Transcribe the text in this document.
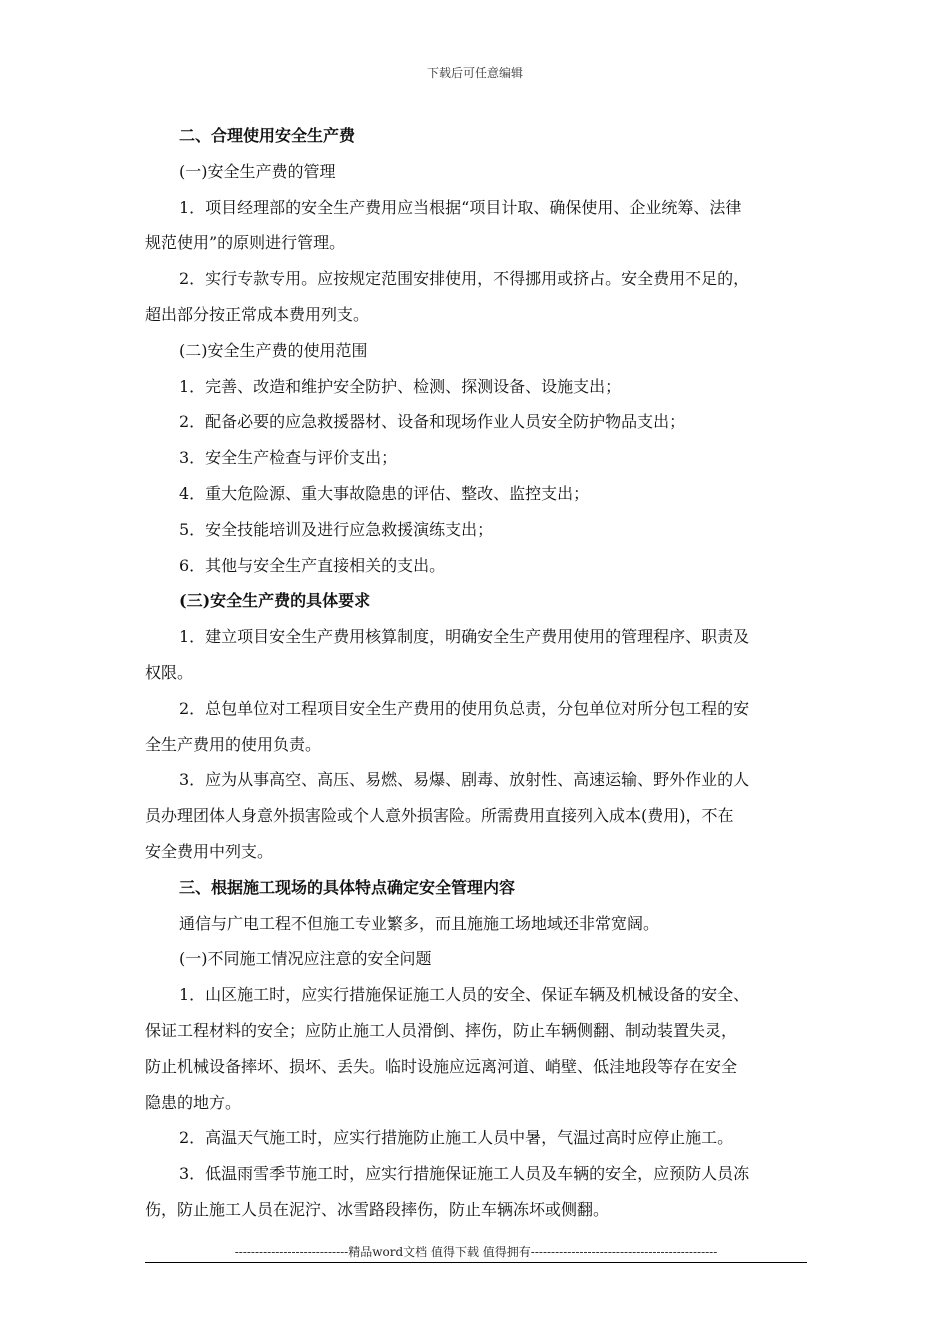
下载后可任意编辑

二、合理使用安全生产费

(一)安全生产费的管理

1．项目经理部的安全生产费用应当根据“项目计取、确保使用、企业统筹、法律

规范使用”的原则进行管理。

2．实行专款专用。应按规定范围安排使用，不得挪用或挤占。安全费用不足的，

超出部分按正常成本费用列支。

(二)安全生产费的使用范围

1．完善、改造和维护安全防护、检测、探测设备、设施支出；

2．配备必要的应急救援器材、设备和现场作业人员安全防护物品支出；

3．安全生产检查与评价支出；

4．重大危险源、重大事故隐患的评估、整改、监控支出；

5．安全技能培训及进行应急救援演练支出；

6．其他与安全生产直接相关的支出。

(三)安全生产费的具体要求

1．建立项目安全生产费用核算制度，明确安全生产费用使用的管理程序、职责及

权限。

2．总包单位对工程项目安全生产费用的使用负总责，分包单位对所分包工程的安

全生产费用的使用负责。

3．应为从事高空、高压、易燃、易爆、剧毒、放射性、高速运输、野外作业的人

员办理团体人身意外损害险或个人意外损害险。所需费用直接列入成本(费用)，不在

安全费用中列支。

三、根据施工现场的具体特点确定安全管理内容

通信与广电工程不但施工专业繁多，而且施施工场地域还非常宽阔。

(一)不同施工情况应注意的安全问题

1．山区施工时，应实行措施保证施工人员的安全、保证车辆及机械设备的安全、

保证工程材料的安全；应防止施工人员滑倒、摔伤，防止车辆侧翻、制动装置失灵，

防止机械设备摔坏、损坏、丢失。临时设施应远离河道、峭壁、低洼地段等存在安全

隐患的地方。

2．高温天气施工时，应实行措施防止施工人员中暑，气温过高时应停止施工。

3．低温雨雪季节施工时，应实行措施保证施工人员及车辆的安全，应预防人员冻

伤，防止施工人员在泥泞、冰雪路段摔伤，防止车辆冻坏或侧翻。

----------------------------精品word文档 值得下载 值得拥有----------------------------------------------
